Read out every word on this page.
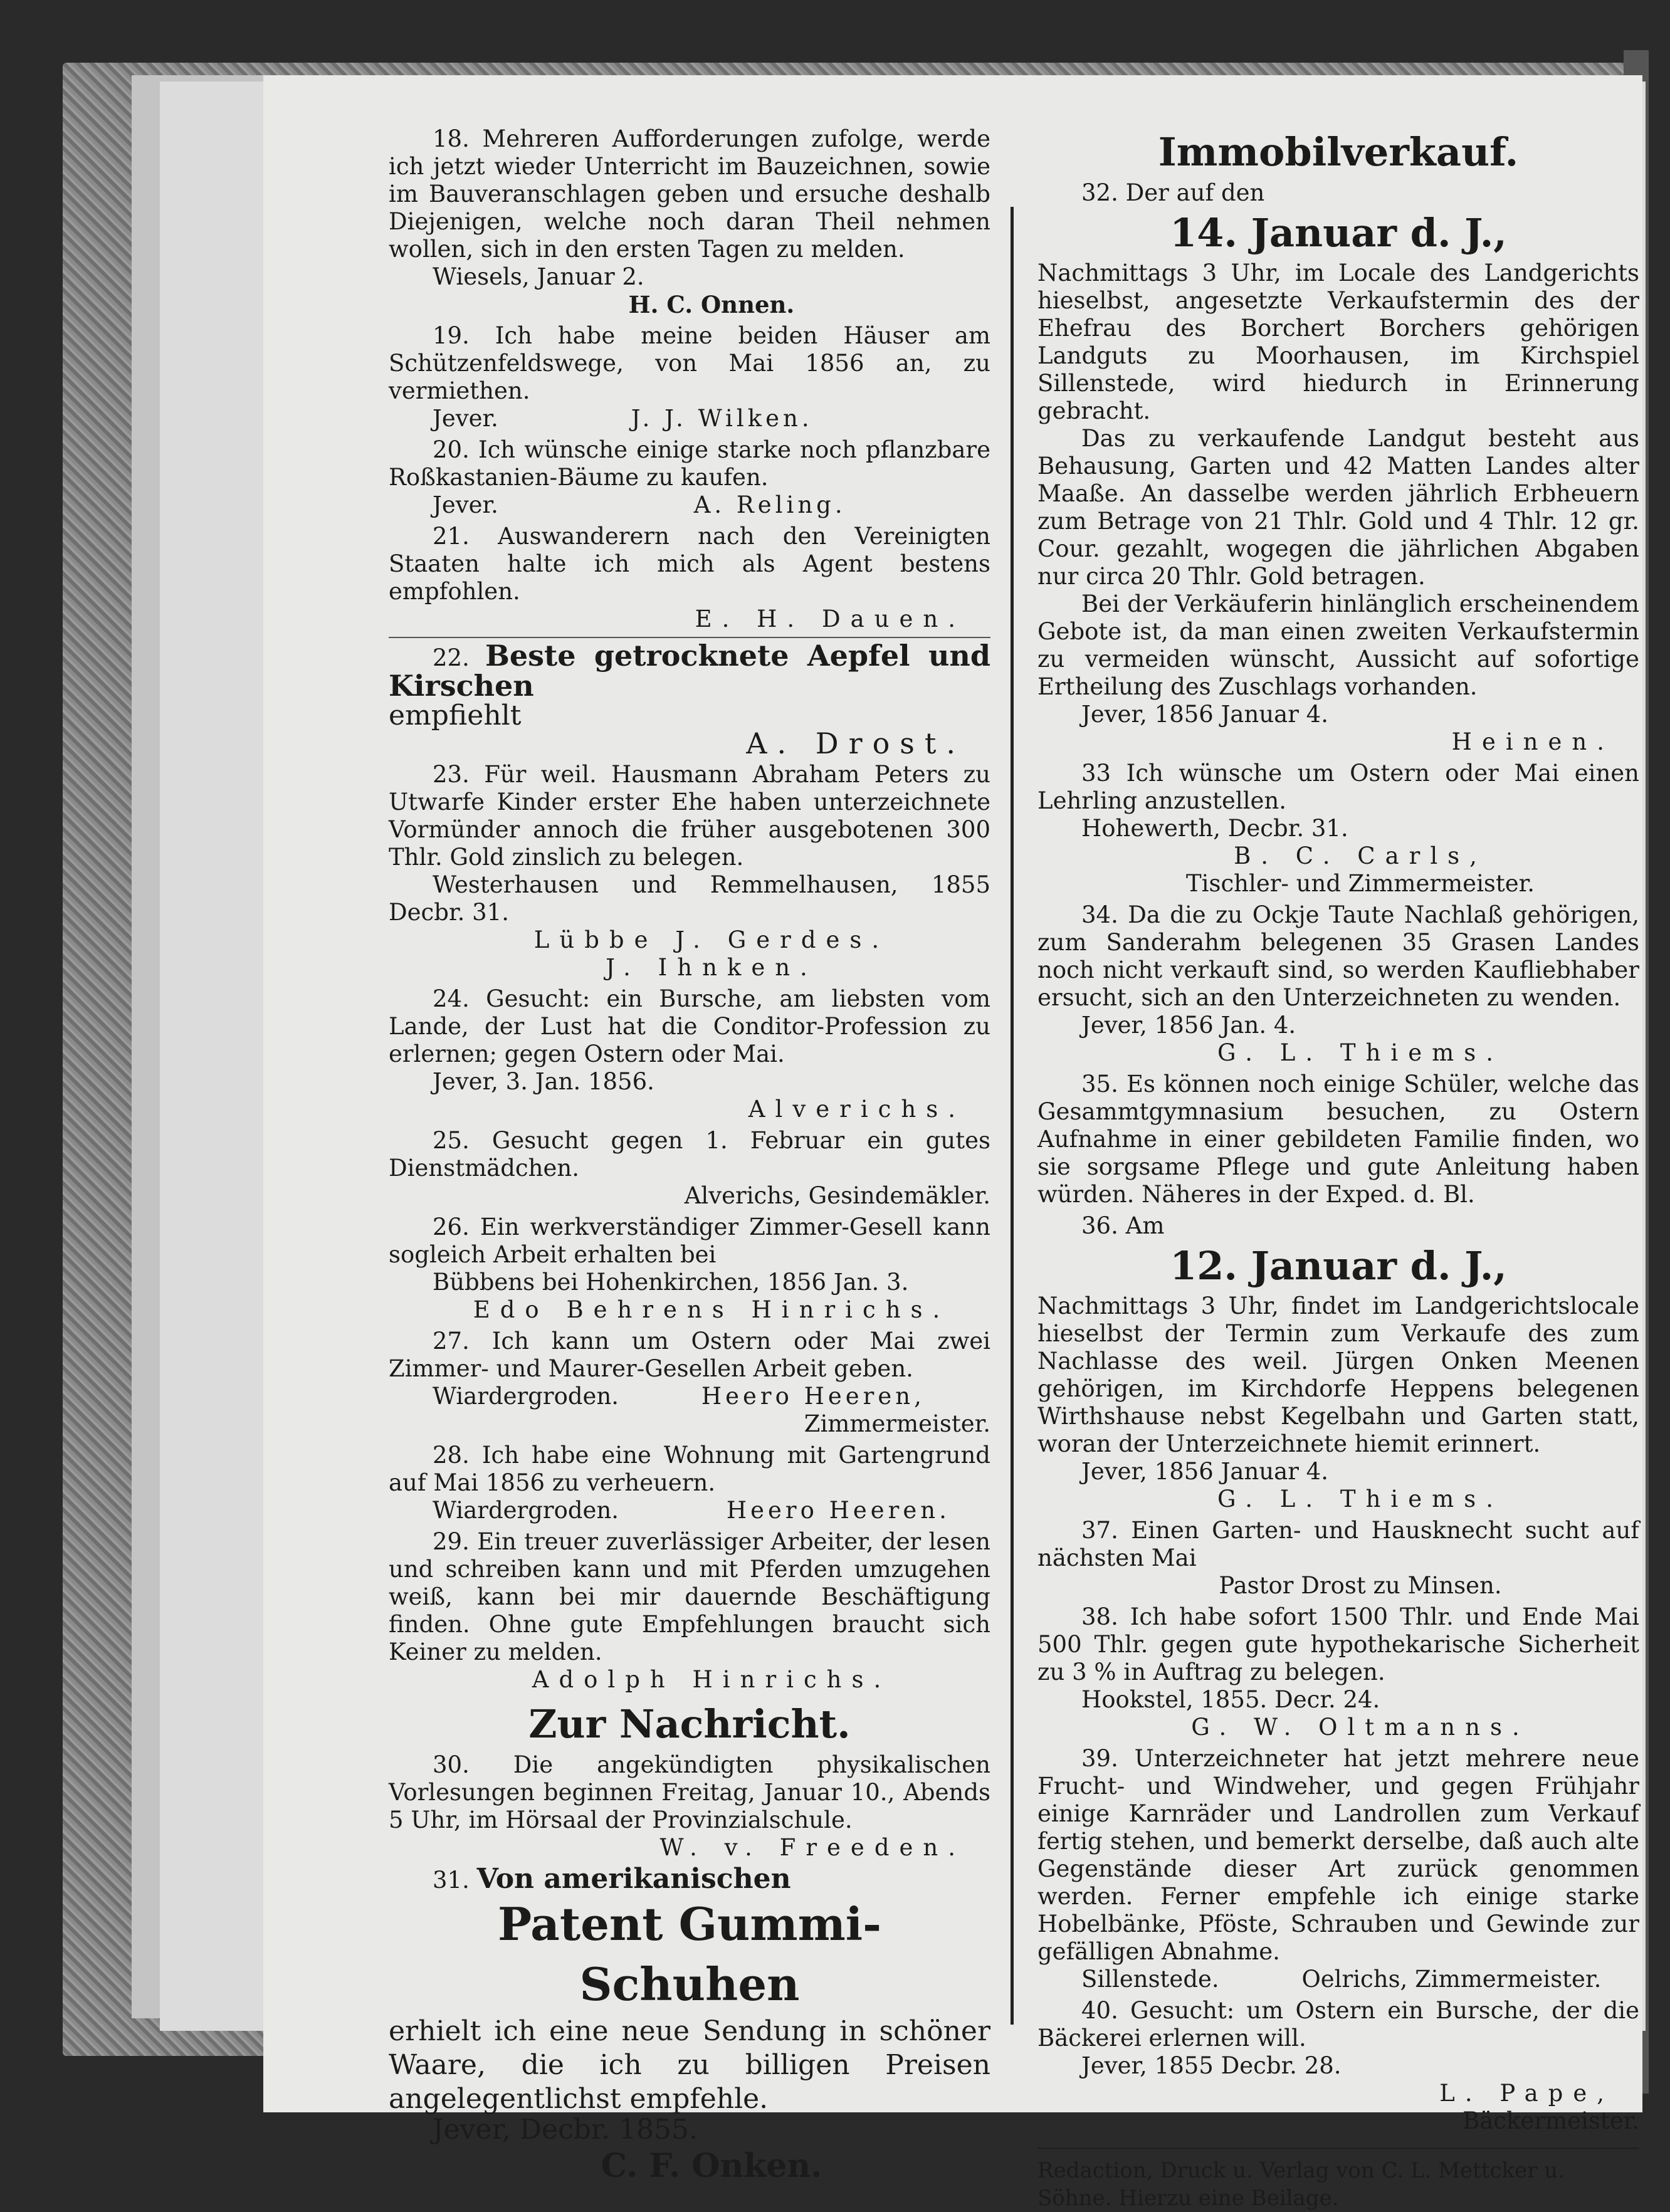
18. Mehreren Aufforderungen zufolge, werde ich jetzt wieder Unterricht im Bauzeichnen, sowie im Bauveranschlagen geben und ersuche deshalb Diejenigen, welche noch daran Theil nehmen wollen, sich in den ersten Tagen zu melden.
Wiesels, Januar 2.
H. C. Onnen.
19. Ich habe meine beiden Häuser am Schützenfeldswege, von Mai 1856 an, zu vermiethen.
Jever.	J. J. Wilken.
20. Ich wünsche einige starke noch pflanzbare Roßkastanien-Bäume zu kaufen.
Jever.	A. Reling.
21. Auswanderern nach den Vereinigten Staaten halte ich mich als Agent bestens empfohlen.
E. H. Dauen.
22. Beste getrocknete Aepfel und Kirschen
empfiehlt
A. Drost.
23. Für weil. Hausmann Abraham Peters zu Utwarfe Kinder erster Ehe haben unterzeichnete Vormünder annoch die früher ausgebotenen 300 Thlr. Gold zinslich zu belegen.
Westerhausen und Remmelhausen, 1855 Decbr. 31.
Lübbe J. Gerdes.
J. Ihnken.
24. Gesucht: ein Bursche, am liebsten vom Lande, der Lust hat die Conditor-Profession zu erlernen; gegen Ostern oder Mai.
Jever, 3. Jan. 1856.
Alverichs.
25. Gesucht gegen 1. Februar ein gutes Dienstmädchen.
Alverichs, Gesindemäkler.
26. Ein werkverständiger Zimmer-Gesell kann sogleich Arbeit erhalten bei
Bübbens bei Hohenkirchen, 1856 Jan. 3.
Edo Behrens Hinrichs.
27. Ich kann um Ostern oder Mai zwei Zimmer- und Maurer-Gesellen Arbeit geben.
Wiardergroden.	Heero Heeren,
Zimmermeister.
28. Ich habe eine Wohnung mit Gartengrund auf Mai 1856 zu verheuern.
Wiardergroden.	Heero Heeren.
29. Ein treuer zuverlässiger Arbeiter, der lesen und schreiben kann und mit Pferden umzugehen weiß, kann bei mir dauernde Beschäftigung finden. Ohne gute Empfehlungen braucht sich Keiner zu melden.
Adolph Hinrichs.
Zur Nachricht.
30. Die angekündigten physikalischen Vorlesungen beginnen Freitag, Januar 10., Abends 5 Uhr, im Hörsaal der Provinzialschule.
W. v. Freeden.
31. Von amerikanischen
Patent Gummi-Schuhen
erhielt ich eine neue Sendung in schöner Waare, die ich zu billigen Preisen angelegentlichst empfehle.
Jever, Decbr. 1855.
C. F. Onken.
Immobilverkauf.
32. Der auf den
14. Januar d. J.,
Nachmittags 3 Uhr, im Locale des Landgerichts hieselbst, angesetzte Verkaufstermin des der Ehefrau des Borchert Borchers gehörigen Landguts zu Moorhausen, im Kirchspiel Sillenstede, wird hiedurch in Erinnerung gebracht.
Das zu verkaufende Landgut besteht aus Behausung, Garten und 42 Matten Landes alter Maaße. An dasselbe werden jährlich Erbheuern zum Betrage von 21 Thlr. Gold und 4 Thlr. 12 gr. Cour. gezahlt, wogegen die jährlichen Abgaben nur circa 20 Thlr. Gold betragen.
Bei der Verkäuferin hinlänglich erscheinendem Gebote ist, da man einen zweiten Verkaufstermin zu vermeiden wünscht, Aussicht auf sofortige Ertheilung des Zuschlags vorhanden.
Jever, 1856 Januar 4.
Heinen.
33 Ich wünsche um Ostern oder Mai einen Lehrling anzustellen.
Hohewerth, Decbr. 31.
B. C. Carls,
Tischler- und Zimmermeister.
34. Da die zu Ockje Taute Nachlaß gehörigen, zum Sanderahm belegenen 35 Grasen Landes noch nicht verkauft sind, so werden Kaufliebhaber ersucht, sich an den Unterzeichneten zu wenden.
Jever, 1856 Jan. 4.
G. L. Thiems.
35. Es können noch einige Schüler, welche das Gesammtgymnasium besuchen, zu Ostern Aufnahme in einer gebildeten Familie finden, wo sie sorgsame Pflege und gute Anleitung haben würden. Näheres in der Exped. d. Bl.
36. Am
12. Januar d. J.,
Nachmittags 3 Uhr, findet im Landgerichtslocale hieselbst der Termin zum Verkaufe des zum Nachlasse des weil. Jürgen Onken Meenen gehörigen, im Kirchdorfe Heppens belegenen Wirthshause nebst Kegelbahn und Garten statt, woran der Unterzeichnete hiemit erinnert.
Jever, 1856 Januar 4.
G. L. Thiems.
37. Einen Garten- und Hausknecht sucht auf nächsten Mai
Pastor Drost zu Minsen.
38. Ich habe sofort 1500 Thlr. und Ende Mai 500 Thlr. gegen gute hypothekarische Sicherheit zu 3 % in Auftrag zu belegen.
Hookstel, 1855. Decr. 24.
G. W. Oltmanns.
39. Unterzeichneter hat jetzt mehrere neue Frucht- und Windweher, und gegen Frühjahr einige Karnräder und Landrollen zum Verkauf fertig stehen, und bemerkt derselbe, daß auch alte Gegenstände dieser Art zurück genommen werden. Ferner empfehle ich einige starke Hobelbänke, Pföste, Schrauben und Gewinde zur gefälligen Abnahme.
Sillenstede.	Oelrichs, Zimmermeister.
40. Gesucht: um Ostern ein Bursche, der die Bäckerei erlernen will.
Jever, 1855 Decbr. 28.
L. Pape,
Bäckermeister.
Redaction, Druck u. Verlag von C. L. Mettcker u. Söhne. Hierzu eine Beilage.
